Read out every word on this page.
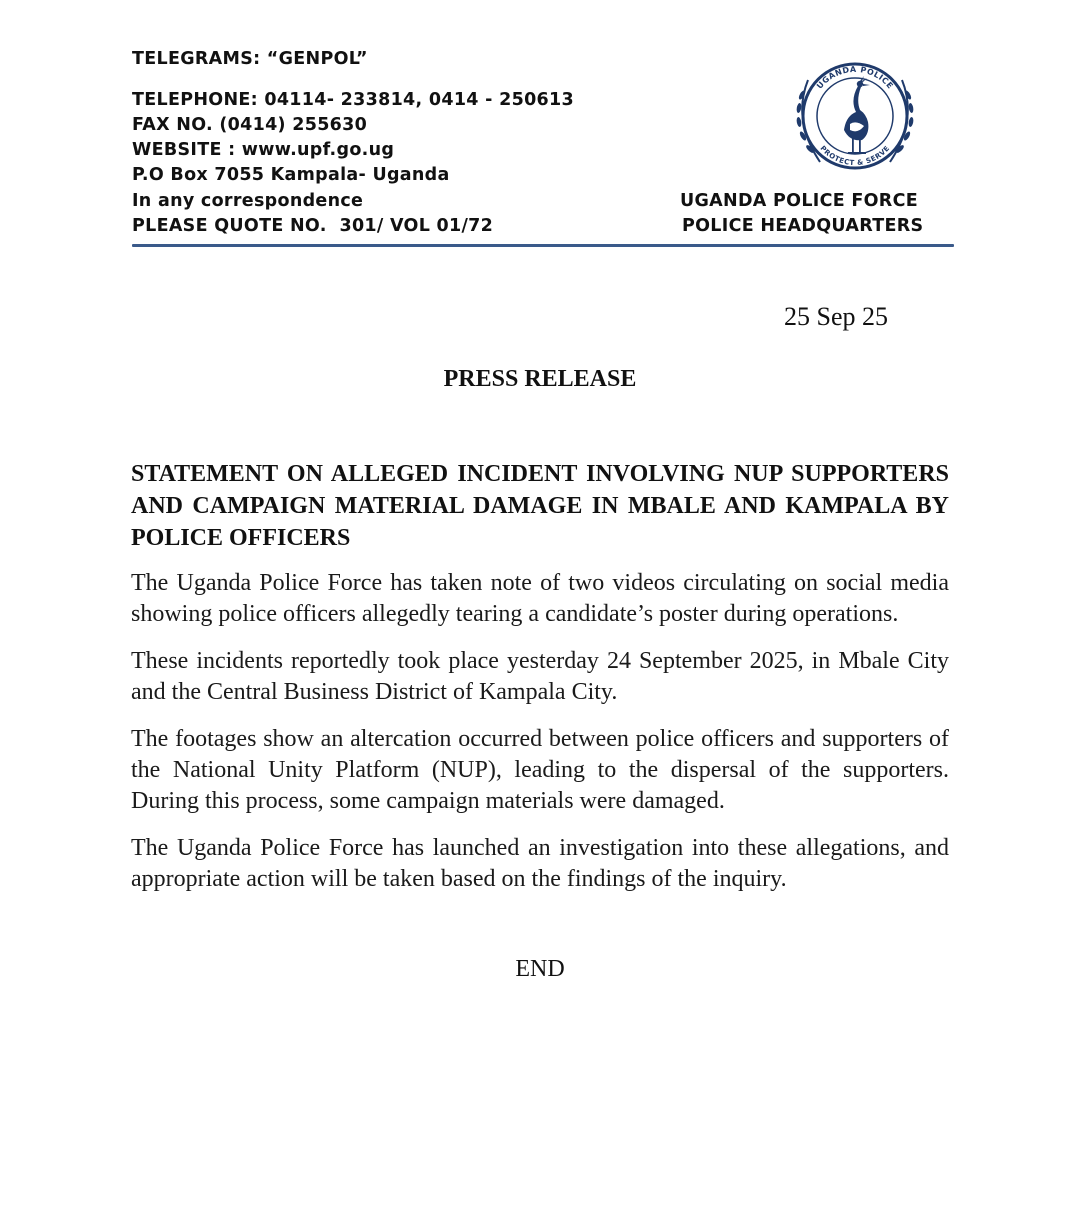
TELEGRAMS: “GENPOL”
TELEPHONE: 04114- 233814, 0414 - 250613
FAX NO. (0414) 255630
WEBSITE : www.upf.go.ug
P.O Box 7055 Kampala- Uganda
In any correspondence
PLEASE QUOTE NO. 301/ VOL 01/72
UGANDA POLICE FORCE
POLICE HEADQUARTERS
UGANDA POLICE
PROTECT & SERVE
25 Sep 25
PRESS RELEASE

STATEMENT ON ALLEGED INCIDENT INVOLVING NUP SUPPORTERS AND CAMPAIGN MATERIAL DAMAGE IN MBALE AND KAMPALA BY POLICE OFFICERS

The Uganda Police Force has taken note of two videos circulating on social media showing police officers allegedly tearing a candidate’s poster during operations.

These incidents reportedly took place yesterday 24 September 2025, in Mbale City and the Central Business District of Kampala City.

The footages show an altercation occurred between police officers and supporters of the National Unity Platform (NUP), leading to the dispersal of the supporters. During this process, some campaign materials were damaged.

The Uganda Police Force has launched an investigation into these allegations, and appropriate action will be taken based on the findings of the inquiry.

END
